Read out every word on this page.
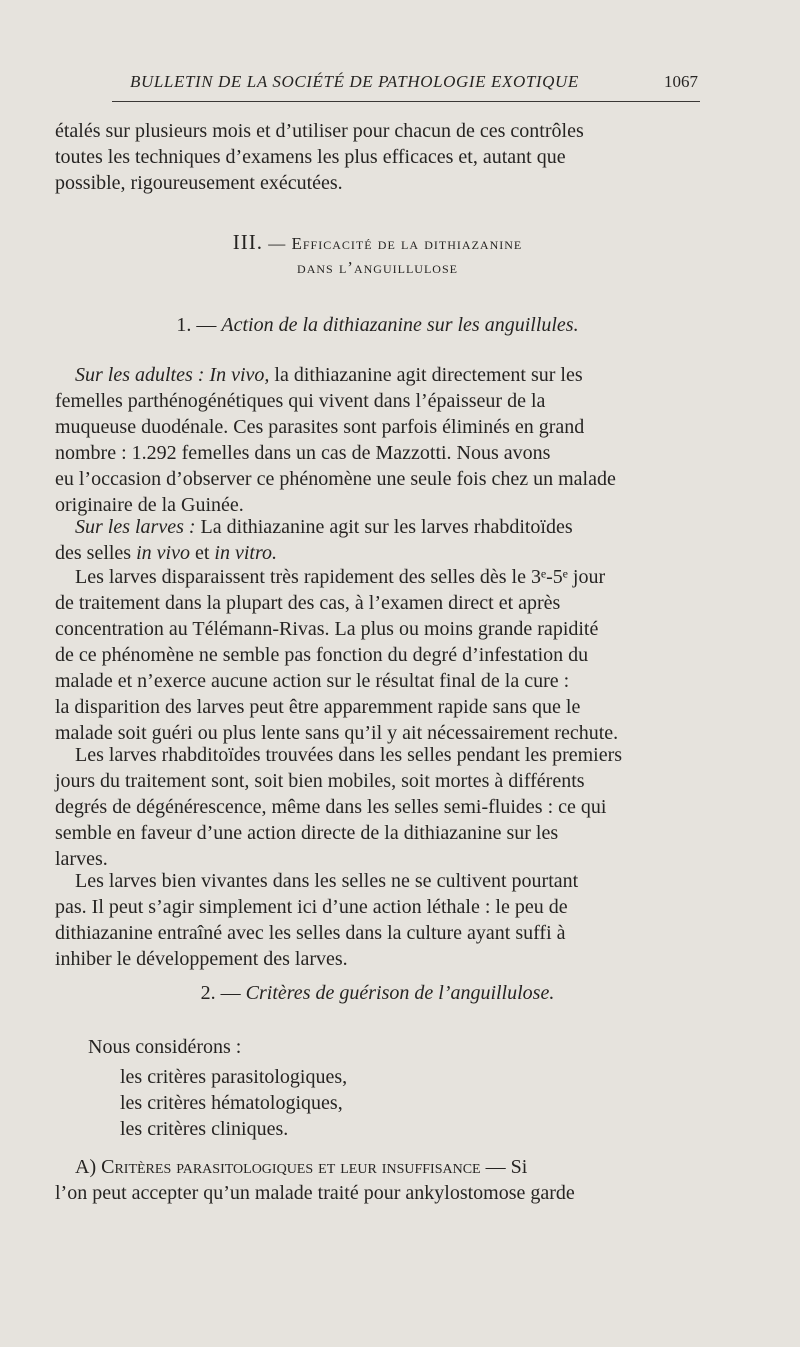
BULLETIN DE LA SOCIÉTÉ DE PATHOLOGIE EXOTIQUE	1067
étalés sur plusieurs mois et d’utiliser pour chacun de ces contrôles
toutes les techniques d’examens les plus efficaces et, autant que
possible, rigoureusement exécutées.
III. — Efficacité de la dithiazanine
dans l’anguillulose
1. — Action de la dithiazanine sur les anguillules.
Sur les adultes : In vivo, la dithiazanine agit directement sur les
femelles parthénogénétiques qui vivent dans l’épaisseur de la
muqueuse duodénale. Ces parasites sont parfois éliminés en grand
nombre : 1.292 femelles dans un cas de Mazzotti. Nous avons
eu l’occasion d’observer ce phénomène une seule fois chez un malade
originaire de la Guinée.
Sur les larves : La dithiazanine agit sur les larves rhabditoïdes
des selles in vivo et in vitro.
Les larves disparaissent très rapidement des selles dès le 3ᵉ-5ᵉ jour
de traitement dans la plupart des cas, à l’examen direct et après
concentration au Télémann-Rivas. La plus ou moins grande rapidité
de ce phénomène ne semble pas fonction du degré d’infestation du
malade et n’exerce aucune action sur le résultat final de la cure :
la disparition des larves peut être apparemment rapide sans que le
malade soit guéri ou plus lente sans qu’il y ait nécessairement rechute.
Les larves rhabditoïdes trouvées dans les selles pendant les premiers
jours du traitement sont, soit bien mobiles, soit mortes à différents
degrés de dégénérescence, même dans les selles semi-fluides : ce qui
semble en faveur d’une action directe de la dithiazanine sur les
larves.
Les larves bien vivantes dans les selles ne se cultivent pourtant
pas. Il peut s’agir simplement ici d’une action léthale : le peu de
dithiazanine entraîné avec les selles dans la culture ayant suffi à
inhiber le développement des larves.
2. — Critères de guérison de l’anguillulose.
Nous considérons :
les critères parasitologiques,
les critères hématologiques,
les critères cliniques.
A) Critères parasitologiques et leur insuffisance — Si
l’on peut accepter qu’un malade traité pour ankylostomose garde
